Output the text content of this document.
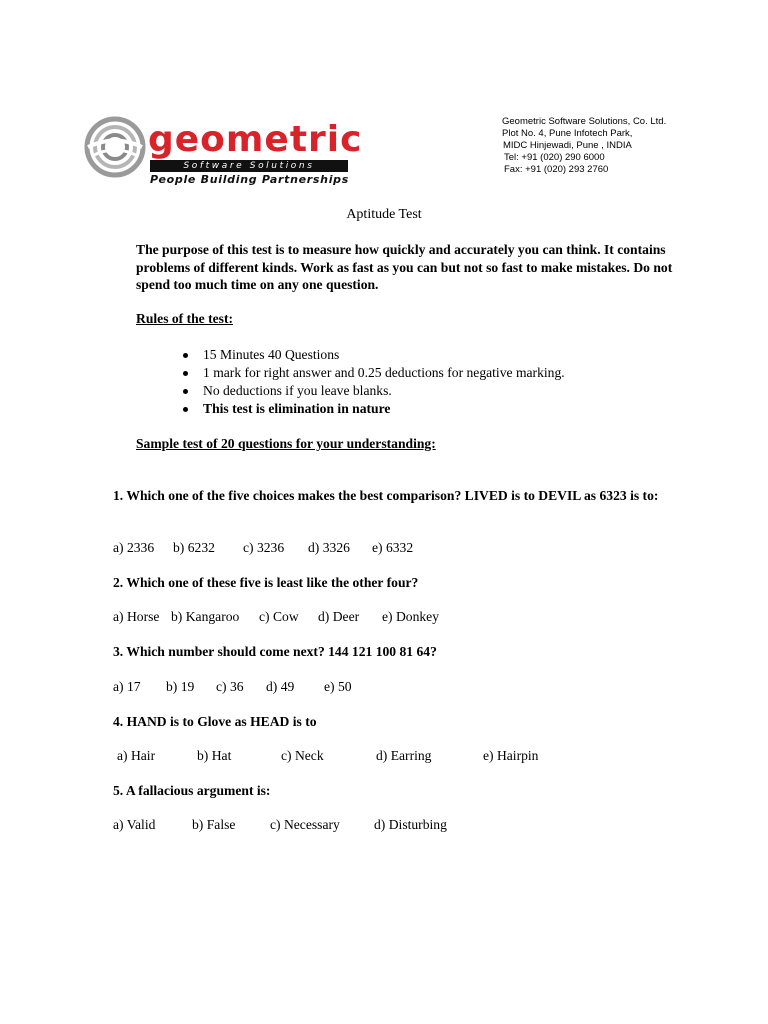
geometric
Software Solutions
People Building Partnerships
Geometric Software Solutions, Co. Ltd.
Plot No. 4, Pune Infotech Park,
MIDC Hinjewadi, Pune , INDIA
Tel: +91 (020) 290 6000
Fax: +91 (020) 293 2760
Aptitude Test
The purpose of this test is to measure how quickly and accurately you can think. It contains problems of different kinds. Work as fast as you can but not so fast to make mistakes. Do not spend too much time on any one question.
Rules of the test:
15 Minutes 40 Questions
1 mark for right answer and 0.25 deductions for negative marking.
No deductions if you leave blanks.
This test is elimination in nature
Sample test of 20 questions for your understanding:
1. Which one of the five choices makes the best comparison? LIVED is to DEVIL as 6323 is to:
a) 2336 b) 6232 c) 3236 d) 3326 e) 6332
2. Which one of these five is least like the other four?
a) Horse b) Kangaroo c) Cow d) Deer e) Donkey
3. Which number should come next? 144 121 100 81 64?
a) 17 b) 19 c) 36 d) 49 e) 50
4. HAND is to Glove as HEAD is to
a) Hair	b) Hat	c) Neck	d) Earring	e) Hairpin
5. A fallacious argument is:
a) Valid	b) False	c) Necessary	d) Disturbing
